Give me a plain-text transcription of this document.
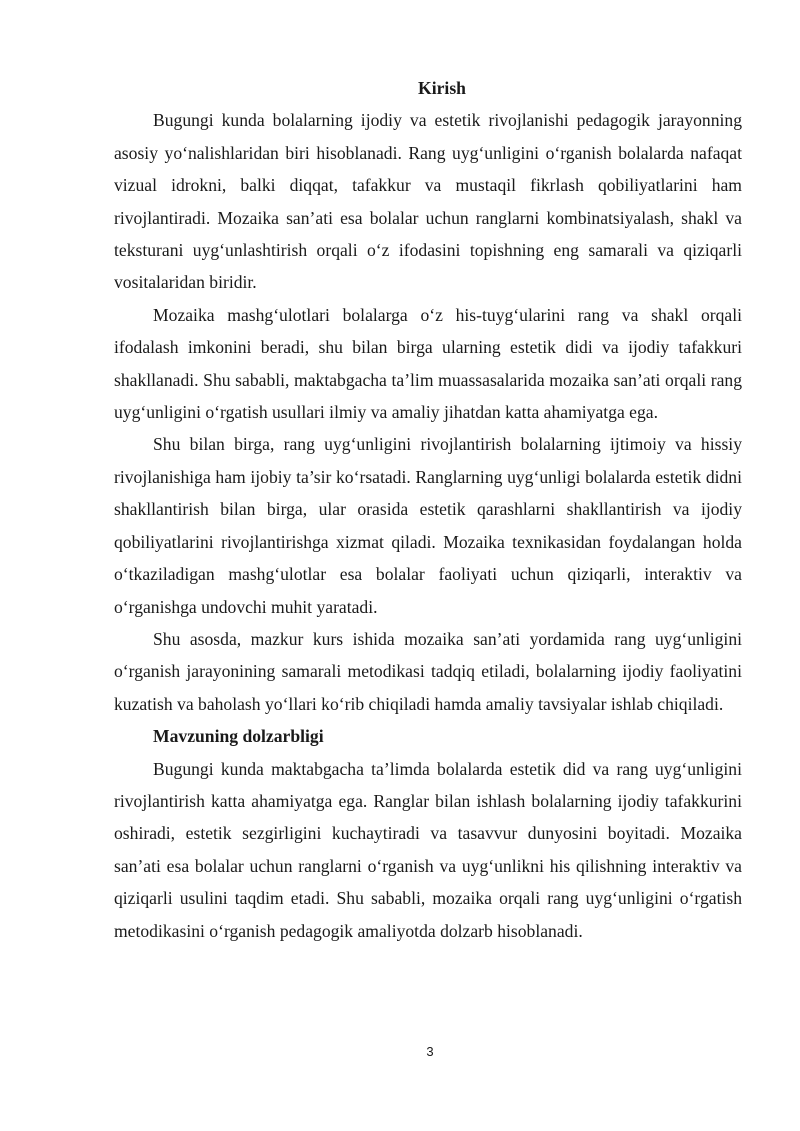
Kirish

Bugungi kunda bolalarning ijodiy va estetik rivojlanishi pedagogik jarayonning asosiy yo‘nalishlaridan biri hisoblanadi. Rang uyg‘unligini o‘rganish bolalarda nafaqat vizual idrokni, balki diqqat, tafakkur va mustaqil fikrlash qobiliyatlarini ham rivojlantiradi. Mozaika san’ati esa bolalar uchun ranglarni kombinatsiyalash, shakl va teksturani uyg‘unlashtirish orqali o‘z ifodasini topishning eng samarali va qiziqarli vositalaridan biridir.

Mozaika mashg‘ulotlari bolalarga o‘z his-tuyg‘ularini rang va shakl orqali ifodalash imkonini beradi, shu bilan birga ularning estetik didi va ijodiy tafakkuri shakllanadi. Shu sababli, maktabgacha ta’lim muassasalarida mozaika san’ati orqali rang uyg‘unligini o‘rgatish usullari ilmiy va amaliy jihatdan katta ahamiyatga ega.

Shu bilan birga, rang uyg‘unligini rivojlantirish bolalarning ijtimoiy va hissiy rivojlanishiga ham ijobiy ta’sir ko‘rsatadi. Ranglarning uyg‘unligi bolalarda estetik didni shakllantirish bilan birga, ular orasida estetik qarashlarni shakllantirish va ijodiy qobiliyatlarini rivojlantirishga xizmat qiladi. Mozaika texnikasidan foydalangan holda o‘tkaziladigan mashg‘ulotlar esa bolalar faoliyati uchun qiziqarli, interaktiv va o‘rganishga undovchi muhit yaratadi.

Shu asosda, mazkur kurs ishida mozaika san’ati yordamida rang uyg‘unligini o‘rganish jarayonining samarali metodikasi tadqiq etiladi, bolalarning ijodiy faoliyatini kuzatish va baholash yo‘llari ko‘rib chiqiladi hamda amaliy tavsiyalar ishlab chiqiladi.

Mavzuning dolzarbligi

Bugungi kunda maktabgacha ta’limda bolalarda estetik did va rang uyg‘unligini rivojlantirish katta ahamiyatga ega. Ranglar bilan ishlash bolalarning ijodiy tafakkurini oshiradi, estetik sezgirligini kuchaytiradi va tasavvur dunyosini boyitadi. Mozaika san’ati esa bolalar uchun ranglarni o‘rganish va uyg‘unlikni his qilishning interaktiv va qiziqarli usulini taqdim etadi. Shu sababli, mozaika orqali rang uyg‘unligini o‘rgatish metodikasini o‘rganish pedagogik amaliyotda dolzarb hisoblanadi.

3
